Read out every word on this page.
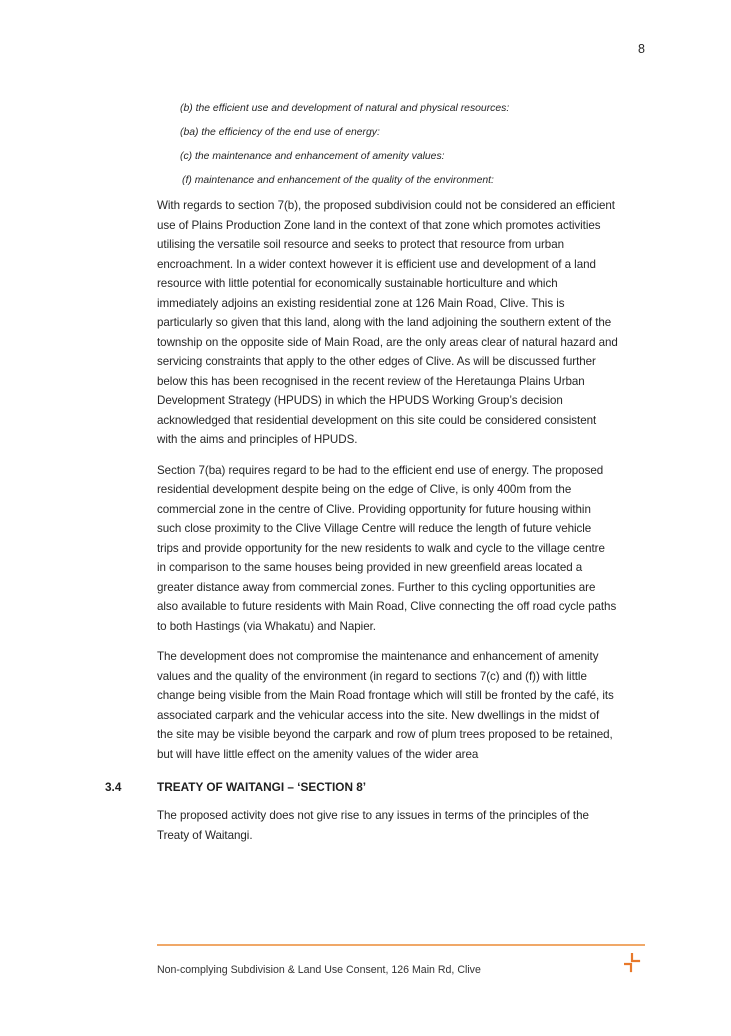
8

(b) the efficient use and development of natural and physical resources:

(ba) the efficiency of the end use of energy:

(c) the maintenance and enhancement of amenity values:

(f) maintenance and enhancement of the quality of the environment:

With regards to section 7(b), the proposed subdivision could not be considered an efficient
use of Plains Production Zone land in the context of that zone which promotes activities
utilising the versatile soil resource and seeks to protect that resource from urban
encroachment. In a wider context however it is efficient use and development of a land
resource with little potential for economically sustainable horticulture and which
immediately adjoins an existing residential zone at 126 Main Road, Clive. This is
particularly so given that this land, along with the land adjoining the southern extent of the
township on the opposite side of Main Road, are the only areas clear of natural hazard and
servicing constraints that apply to the other edges of Clive. As will be discussed further
below this has been recognised in the recent review of the Heretaunga Plains Urban
Development Strategy (HPUDS) in which the HPUDS Working Group’s decision
acknowledged that residential development on this site could be considered consistent
with the aims and principles of HPUDS.

Section 7(ba) requires regard to be had to the efficient end use of energy. The proposed
residential development despite being on the edge of Clive, is only 400m from the
commercial zone in the centre of Clive. Providing opportunity for future housing within
such close proximity to the Clive Village Centre will reduce the length of future vehicle
trips and provide opportunity for the new residents to walk and cycle to the village centre
in comparison to the same houses being provided in new greenfield areas located a
greater distance away from commercial zones. Further to this cycling opportunities are
also available to future residents with Main Road, Clive connecting the off road cycle paths
to both Hastings (via Whakatu) and Napier.

The development does not compromise the maintenance and enhancement of amenity
values and the quality of the environment (in regard to sections 7(c) and (f)) with little
change being visible from the Main Road frontage which will still be fronted by the café, its
associated carpark and the vehicular access into the site. New dwellings in the midst of
the site may be visible beyond the carpark and row of plum trees proposed to be retained,
but will have little effect on the amenity values of the wider area

3.4	TREATY OF WAITANGI – ‘SECTION 8’

The proposed activity does not give rise to any issues in terms of the principles of the
Treaty of Waitangi.

Non-complying Subdivision & Land Use Consent, 126 Main Rd, Clive
